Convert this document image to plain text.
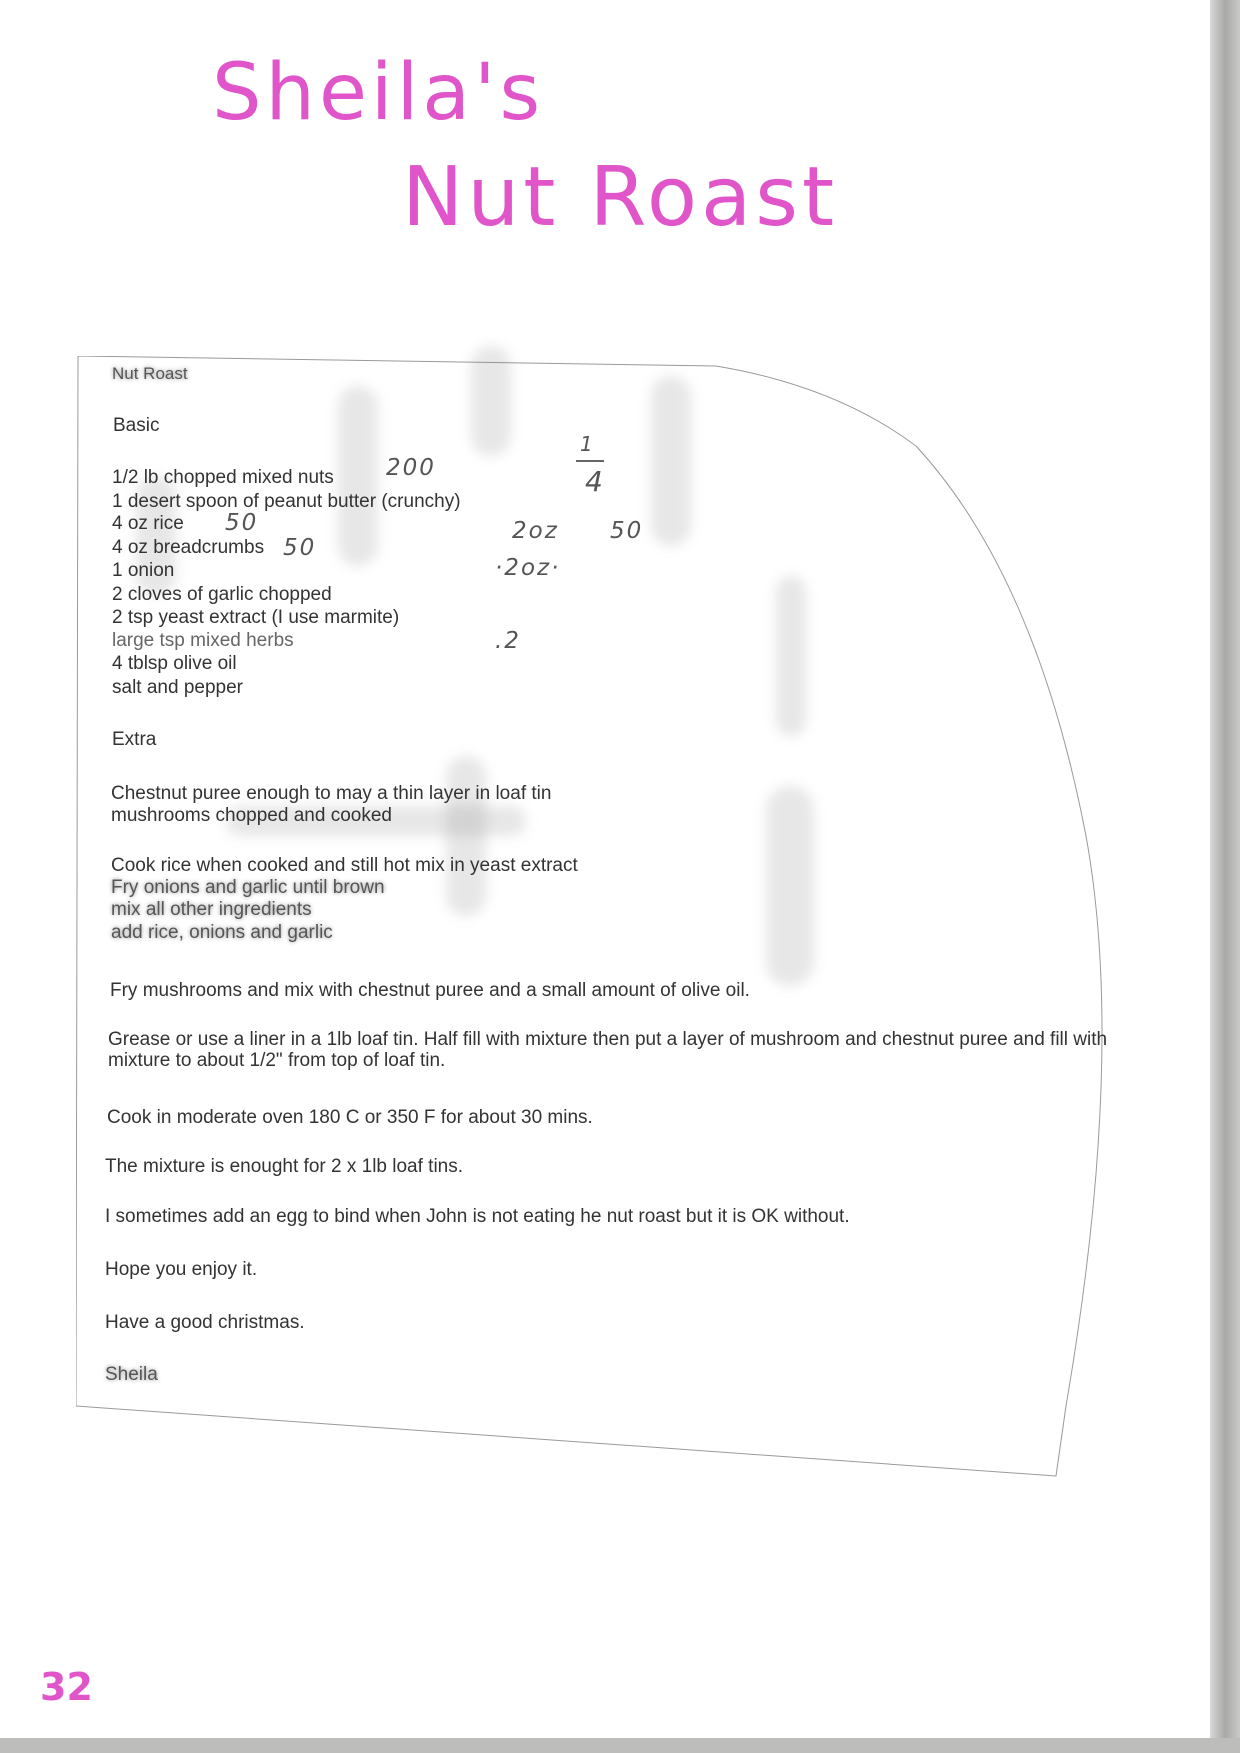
Sheila's
Nut Roast

Nut Roast

Basic

1/2 lb chopped mixed nuts

1 desert spoon of peanut butter (crunchy)

4 oz rice

4 oz breadcrumbs

1 onion

2 cloves of garlic chopped

2 tsp yeast extract (I use marmite)

large tsp mixed herbs

4 tblsp olive oil

salt and pepper

Extra

Chestnut puree enough to may a thin layer in loaf tin

mushrooms chopped and cooked

Cook rice when cooked and still hot mix in yeast extract

Fry onions and garlic until brown

mix all other ingredients

add rice, onions and garlic

Fry mushrooms and mix with chestnut puree and a small amount of olive oil.

Grease or use a liner in a 1lb loaf tin. Half fill with mixture then put a layer of mushroom and chestnut puree and fill with mixture to about 1/2" from top of loaf tin.

Cook in moderate oven 180 C or 350 F for about 30 mins.

The mixture is enought for 2 x 1lb loaf tins.

I sometimes add an egg to bind when John is not eating he nut roast but it is OK without.

Hope you enjoy it.

Have a good christmas.

Sheila

200
1
4
50
50
2oz 50
·2oz·
.2
32
